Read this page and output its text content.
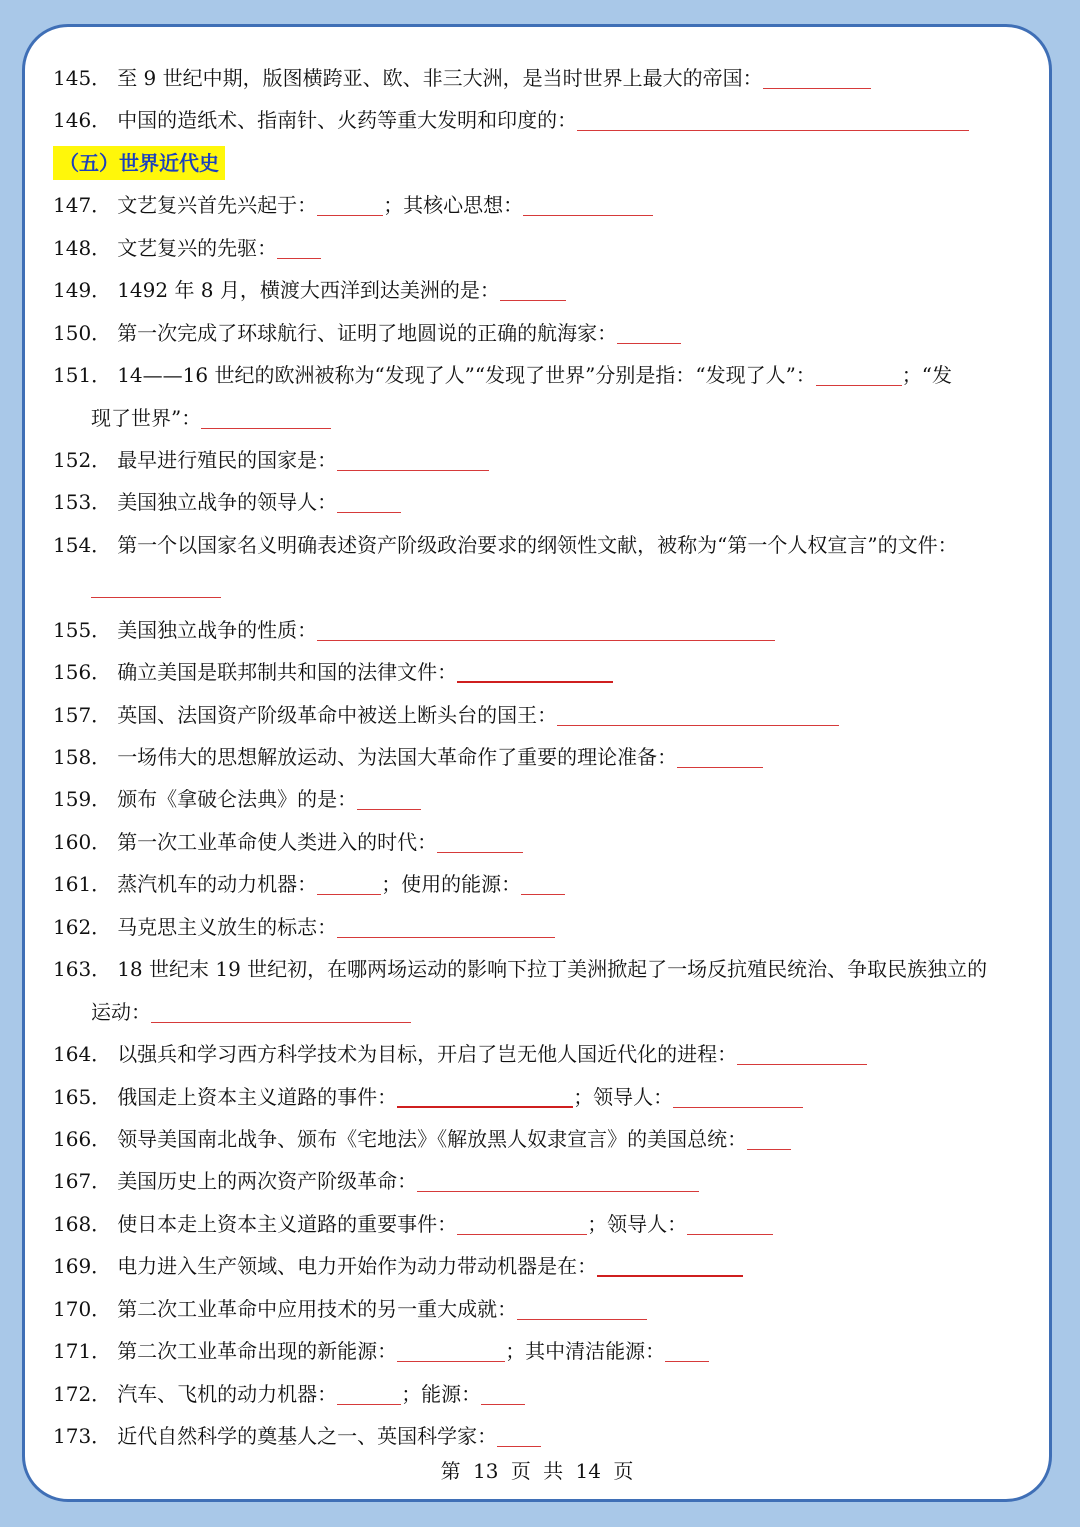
145． 至 9 世纪中期，版图横跨亚、欧、非三大洲，是当时世界上最大的帝国：
146． 中国的造纸术、指南针、火药等重大发明和印度的：
（五）世界近代史
147． 文艺复兴首先兴起于：	；其核心思想：
148． 文艺复兴的先驱：
149． 1492 年 8 月，横渡大西洋到达美洲的是：
150． 第一次完成了环球航行、证明了地圆说的正确的航海家：
151． 14——16 世纪的欧洲被称为“发现了人”“发现了世界”分别是指：“发现了人”：	；“发
现了世界”：
152． 最早进行殖民的国家是：
153． 美国独立战争的领导人：
154． 第一个以国家名义明确表述资产阶级政治要求的纲领性文献，被称为“第一个人权宣言”的文件：
155． 美国独立战争的性质：
156． 确立美国是联邦制共和国的法律文件：
157． 英国、法国资产阶级革命中被送上断头台的国王：
158． 一场伟大的思想解放运动、为法国大革命作了重要的理论准备：
159． 颁布《拿破仑法典》的是：
160． 第一次工业革命使人类进入的时代：
161． 蒸汽机车的动力机器：	；使用的能源：
162． 马克思主义放生的标志：
163． 18 世纪末 19 世纪初，在哪两场运动的影响下拉丁美洲掀起了一场反抗殖民统治、争取民族独立的
运动：
164． 以强兵和学习西方科学技术为目标，开启了岂无他人国近代化的进程：
165． 俄国走上资本主义道路的事件：	；领导人：
166． 领导美国南北战争、颁布《宅地法》《解放黑人奴隶宣言》的美国总统：
167． 美国历史上的两次资产阶级革命：
168． 使日本走上资本主义道路的重要事件：	；领导人：
169． 电力进入生产领域、电力开始作为动力带动机器是在：
170． 第二次工业革命中应用技术的另一重大成就：
171． 第二次工业革命出现的新能源：	；其中清洁能源：
172． 汽车、飞机的动力机器：	；能源：
173． 近代自然科学的奠基人之一、英国科学家：
第 13 页 共 14 页
